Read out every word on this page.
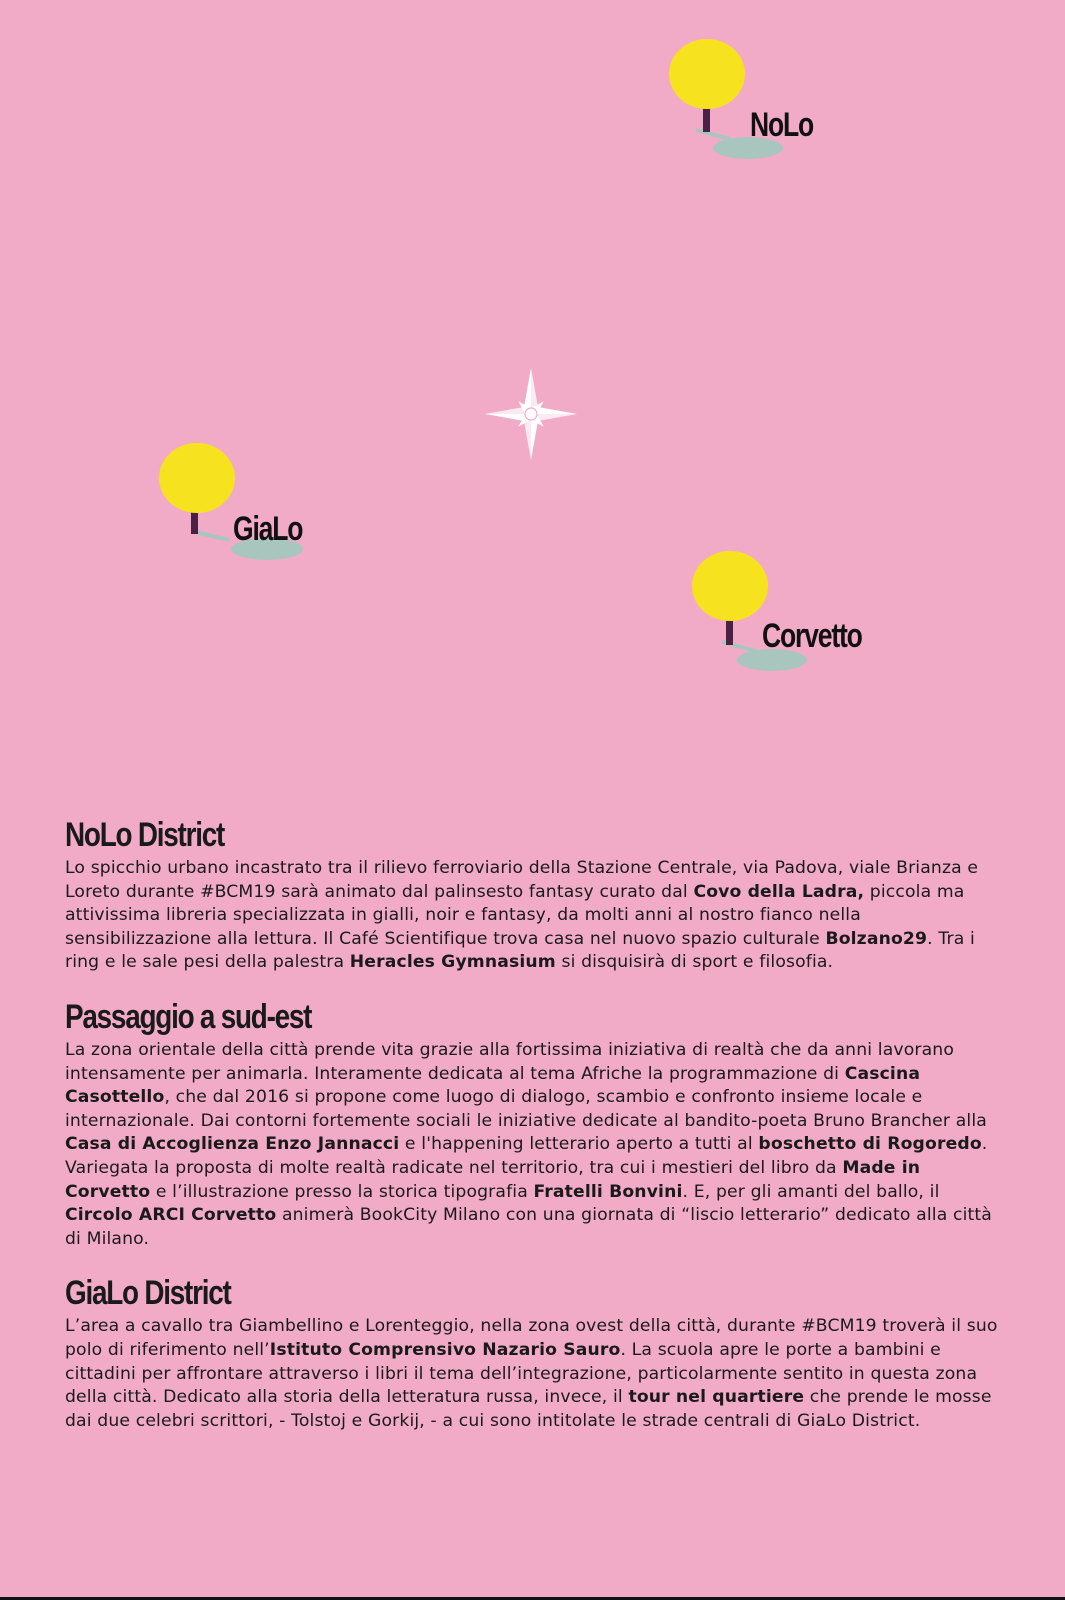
NoLo
GiaLo
Corvetto
NoLo District

Lo spicchio urbano incastrato tra il rilievo ferroviario della Stazione Centrale, via Padova, viale Brianza e Loreto durante #BCM19 sarà animato dal palinsesto fantasy curato dal Covo della Ladra, piccola ma attivissima libreria specializzata in gialli, noir e fantasy, da molti anni al nostro fianco nella sensibilizzazione alla lettura. Il Café Scientifique trova casa nel nuovo spazio culturale Bolzano29. Tra i ring e le sale pesi della palestra Heracles Gymnasium si disquisirà di sport e filosofia.

Passaggio a sud-est

La zona orientale della città prende vita grazie alla fortissima iniziativa di realtà che da anni lavorano intensamente per animarla. Interamente dedicata al tema Afriche la programmazione di Cascina Casottello, che dal 2016 si propone come luogo di dialogo, scambio e confronto insieme locale e internazionale. Dai contorni fortemente sociali le iniziative dedicate al bandito-poeta Bruno Brancher alla Casa di Accoglienza Enzo Jannacci e l'happening letterario aperto a tutti al boschetto di Rogoredo. Variegata la proposta di molte realtà radicate nel territorio, tra cui i mestieri del libro da Made in Corvetto e l’illustrazione presso la storica tipografia Fratelli Bonvini. E, per gli amanti del ballo, il Circolo ARCI Corvetto animerà BookCity Milano con una giornata di “liscio letterario” dedicato alla città di Milano.

GiaLo District

L’area a cavallo tra Giambellino e Lorenteggio, nella zona ovest della città, durante #BCM19 troverà il suo polo di riferimento nell’Istituto Comprensivo Nazario Sauro. La scuola apre le porte a bambini e cittadini per affrontare attraverso i libri il tema dell’integrazione, particolarmente sentito in questa zona della città. Dedicato alla storia della letteratura russa, invece, il tour nel quartiere che prende le mosse dai due celebri scrittori, - Tolstoj e Gorkij, - a cui sono intitolate le strade centrali di GiaLo District.
